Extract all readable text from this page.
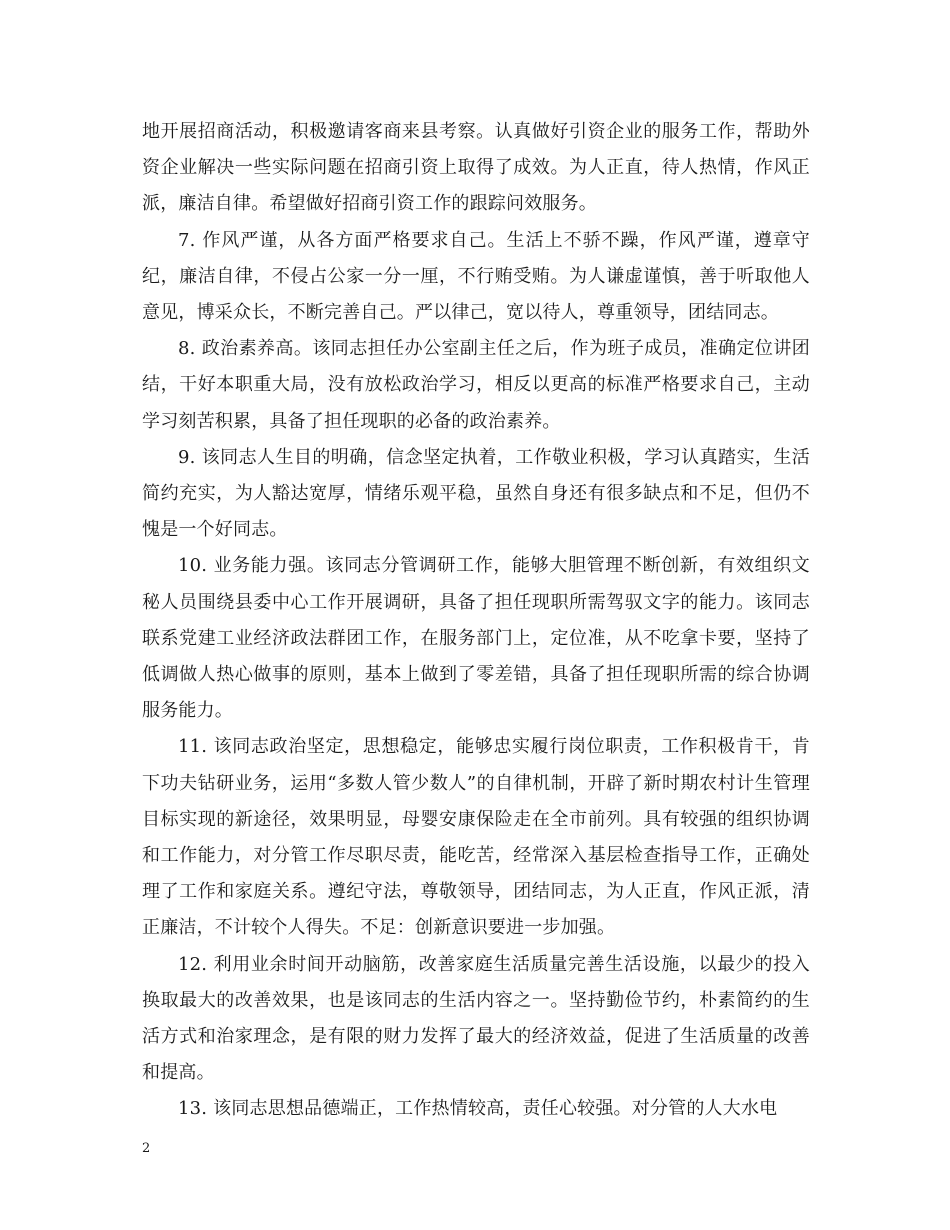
地开展招商活动，积极邀请客商来县考察。认真做好引资企业的服务工作，帮助外资企业解决一些实际问题在招商引资上取得了成效。为人正直，待人热情，作风正派，廉洁自律。希望做好招商引资工作的跟踪问效服务。

7. 作风严谨，从各方面严格要求自己。生活上不骄不躁，作风严谨，遵章守纪，廉洁自律，不侵占公家一分一厘，不行贿受贿。为人谦虚谨慎，善于听取他人意见，博采众长，不断完善自己。严以律己，宽以待人，尊重领导，团结同志。

8. 政治素养高。该同志担任办公室副主任之后，作为班子成员，准确定位讲团结，干好本职重大局，没有放松政治学习，相反以更高的标准严格要求自己，主动学习刻苦积累，具备了担任现职的必备的政治素养。

9. 该同志人生目的明确，信念坚定执着，工作敬业积极，学习认真踏实，生活简约充实，为人豁达宽厚，情绪乐观平稳，虽然自身还有很多缺点和不足，但仍不愧是一个好同志。

10. 业务能力强。该同志分管调研工作，能够大胆管理不断创新，有效组织文秘人员围绕县委中心工作开展调研，具备了担任现职所需驾驭文字的能力。该同志联系党建工业经济政法群团工作，在服务部门上，定位准，从不吃拿卡要，坚持了低调做人热心做事的原则，基本上做到了零差错，具备了担任现职所需的综合协调服务能力。

11. 该同志政治坚定，思想稳定，能够忠实履行岗位职责，工作积极肯干，肯下功夫钻研业务，运用“多数人管少数人”的自律机制，开辟了新时期农村计生管理目标实现的新途径，效果明显，母婴安康保险走在全市前列。具有较强的组织协调和工作能力，对分管工作尽职尽责，能吃苦，经常深入基层检查指导工作，正确处理了工作和家庭关系。遵纪守法，尊敬领导，团结同志，为人正直，作风正派，清正廉洁，不计较个人得失。不足：创新意识要进一步加强。

12. 利用业余时间开动脑筋，改善家庭生活质量完善生活设施，以最少的投入换取最大的改善效果，也是该同志的生活内容之一。坚持勤俭节约，朴素简约的生活方式和治家理念，是有限的财力发挥了最大的经济效益，促进了生活质量的改善和提高。

13. 该同志思想品德端正，工作热情较高，责任心较强。对分管的人大水电

2
